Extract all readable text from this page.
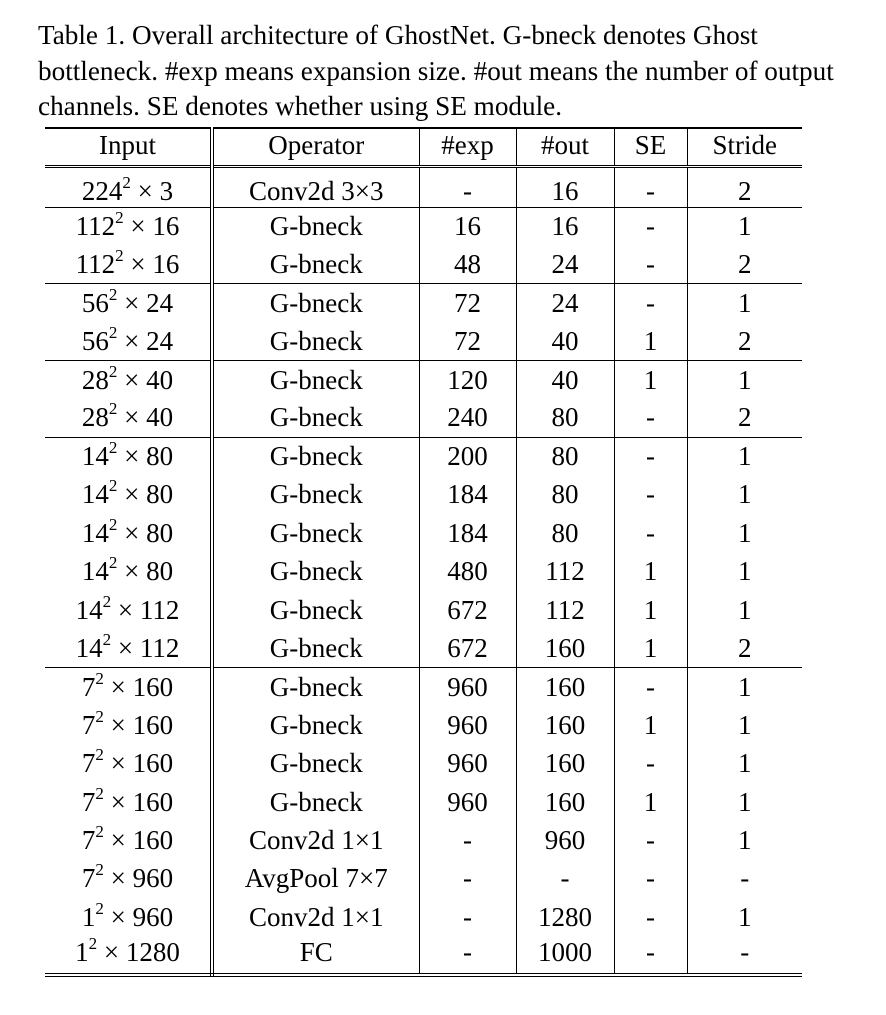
Table 1. Overall architecture of GhostNet. G-bneck denotes Ghost bottleneck. #exp means expansion size. #out means the number of output channels. SE denotes whether using SE module.

Input	Operator	#exp	#out	SE	Stride
$224^2 \times 3$	Conv2d 3×3	-	16	-	2
$112^2 \times 16$	G-bneck	16	16	-	1
$112^2 \times 16$	G-bneck	48	24	-	2
$56^2 \times 24$	G-bneck	72	24	-	1
$56^2 \times 24$	G-bneck	72	40	1	2
$28^2 \times 40$	G-bneck	120	40	1	1
$28^2 \times 40$	G-bneck	240	80	-	2
$14^2 \times 80$	G-bneck	200	80	-	1
$14^2 \times 80$	G-bneck	184	80	-	1
$14^2 \times 80$	G-bneck	184	80	-	1
$14^2 \times 80$	G-bneck	480	112	1	1
$14^2 \times 112$	G-bneck	672	112	1	1
$14^2 \times 112$	G-bneck	672	160	1	2
$7^2 \times 160$	G-bneck	960	160	-	1
$7^2 \times 160$	G-bneck	960	160	1	1
$7^2 \times 160$	G-bneck	960	160	-	1
$7^2 \times 160$	G-bneck	960	160	1	1
$7^2 \times 160$	Conv2d 1×1	-	960	-	1
$7^2 \times 960$	AvgPool 7×7	-	-	-	-
$1^2 \times 960$	Conv2d 1×1	-	1280	-	1
$1^2 \times 1280$	FC	-	1000	-	-
